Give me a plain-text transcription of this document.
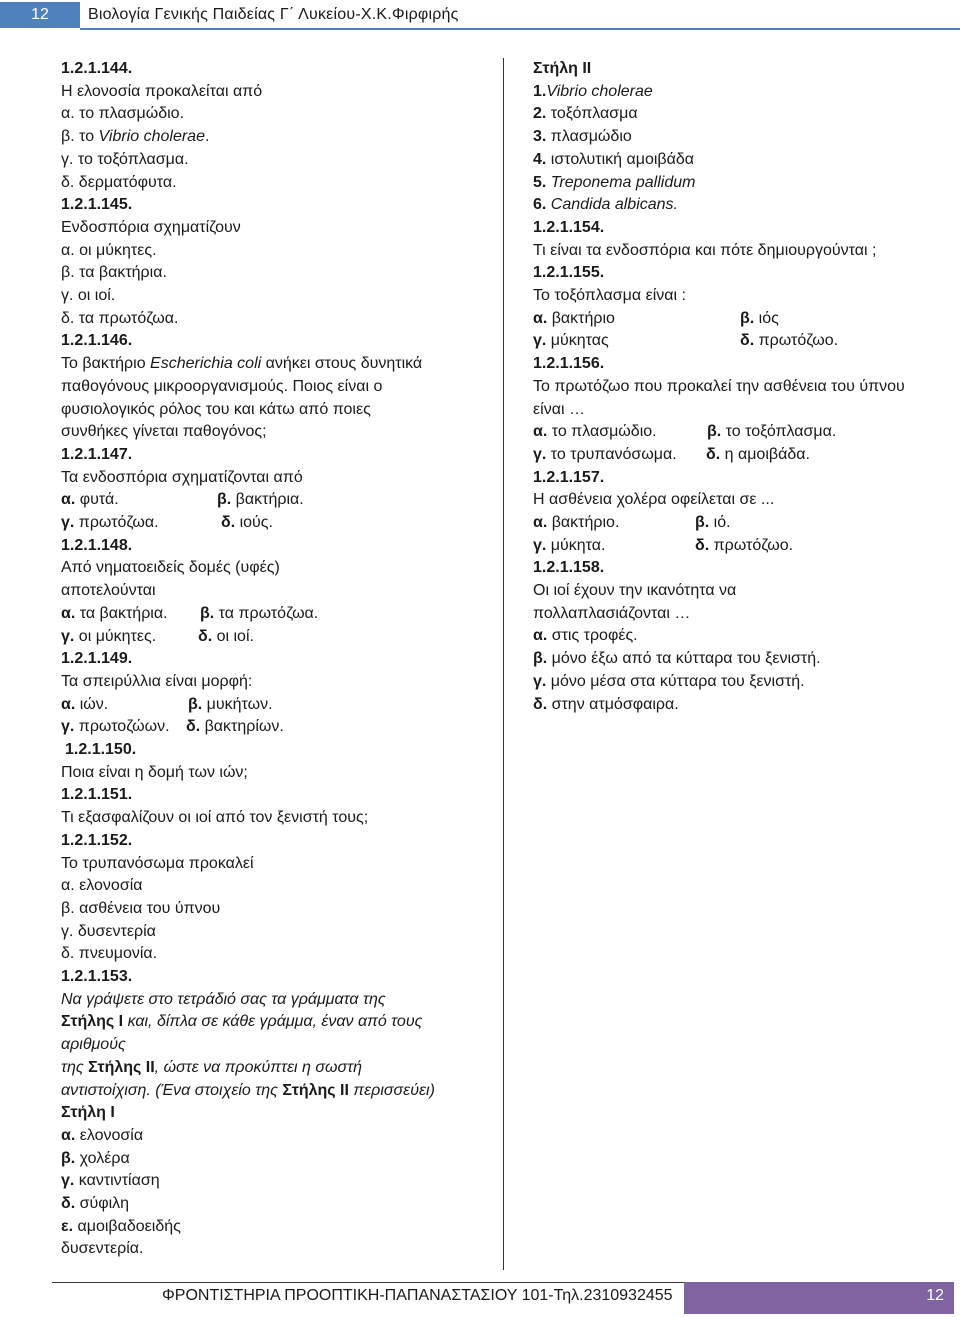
12	Βιολογία Γενικής Παιδείας Γ΄ Λυκείου-Χ.Κ.Φιρφιρής
1.2.1.144.
Η ελονοσία προκαλείται από
α. το πλασμώδιο.
β. το Vibrio cholerae.
γ. το τοξόπλασμα.
δ. δερματόφυτα.
1.2.1.145.
Ενδοσπόρια σχηματίζουν
α. οι μύκητες.
β. τα βακτήρια.
γ. οι ιοί.
δ. τα πρωτόζωα.
1.2.1.146.
Το βακτήριο Escherichia coli ανήκει στους δυνητικά
παθογόνους μικροοργανισμούς. Ποιος είναι ο
φυσιολογικός ρόλος του και κάτω από ποιες
συνθήκες γίνεται παθογόνος;
1.2.1.147.
Τα ενδοσπόρια σχηματίζονται από
α. φυτά.	β. βακτήρια.
γ. πρωτόζωα.	δ. ιούς.
1.2.1.148.
Από νηματοειδείς δομές (υφές)
αποτελούνται
α. τα βακτήρια. β. τα πρωτόζωα.
γ. οι μύκητες.	δ. οι ιοί.
1.2.1.149.
Τα σπειρύλλια είναι μορφή:
α. ιών.	β. μυκήτων.
γ. πρωτοζώων. δ. βακτηρίων.
1.2.1.150.
Ποια είναι η δομή των ιών;
1.2.1.151.
Τι εξασφαλίζουν οι ιοί από τον ξενιστή τους;
1.2.1.152.
Το τρυπανόσωμα προκαλεί
α. ελονοσία
β. ασθένεια του ύπνου
γ. δυσεντερία
δ. πνευμονία.
1.2.1.153.
Να γράψετε στο τετράδιό σας τα γράμματα της
Στήλης Ι και, δίπλα σε κάθε γράμμα, έναν από τους
αριθμούς
της Στήλης ΙΙ, ώστε να προκύπτει η σωστή
αντιστοίχιση. (Ένα στοιχείο της Στήλης ΙΙ περισσεύει)
Στήλη Ι
α. ελονοσία
β. χολέρα
γ. καντιντίαση
δ. σύφιλη
ε. αμοιβαδοειδής
δυσεντερία.
Στήλη ΙΙ
1.Vibrio cholerae
2. τοξόπλασμα
3. πλασμώδιο
4. ιστολυτική αμοιβάδα
5. Treponema pallidum
6. Candida albicans.
1.2.1.154.
Τι είναι τα ενδοσπόρια και πότε δημιουργούνται ;
1.2.1.155.
Το τοξόπλασμα είναι :
α. βακτήριο	β. ιός
γ. μύκητας	δ. πρωτόζωο.
1.2.1.156.
Το πρωτόζωο που προκαλεί την ασθένεια του ύπνου
είναι …
α. το πλασμώδιο.	β. το τοξόπλασμα.
γ. το τρυπανόσωμα. δ. η αμοιβάδα.
1.2.1.157.
Η ασθένεια χολέρα οφείλεται σε ...
α. βακτήριο.	β. ιό.
γ. μύκητα.	δ. πρωτόζωο.
1.2.1.158.
Οι ιοί έχουν την ικανότητα να
πολλαπλασιάζονται …
α. στις τροφές.
β. μόνο έξω από τα κύτταρα του ξενιστή.
γ. μόνο μέσα στα κύτταρα του ξενιστή.
δ. στην ατμόσφαιρα.
ΦΡΟΝΤΙΣΤΗΡΙΑ ΠΡΟΟΠΤΙΚΗ-ΠΑΠΑΝΑΣΤΑΣΙΟΥ 101-Τηλ.2310932455	12
